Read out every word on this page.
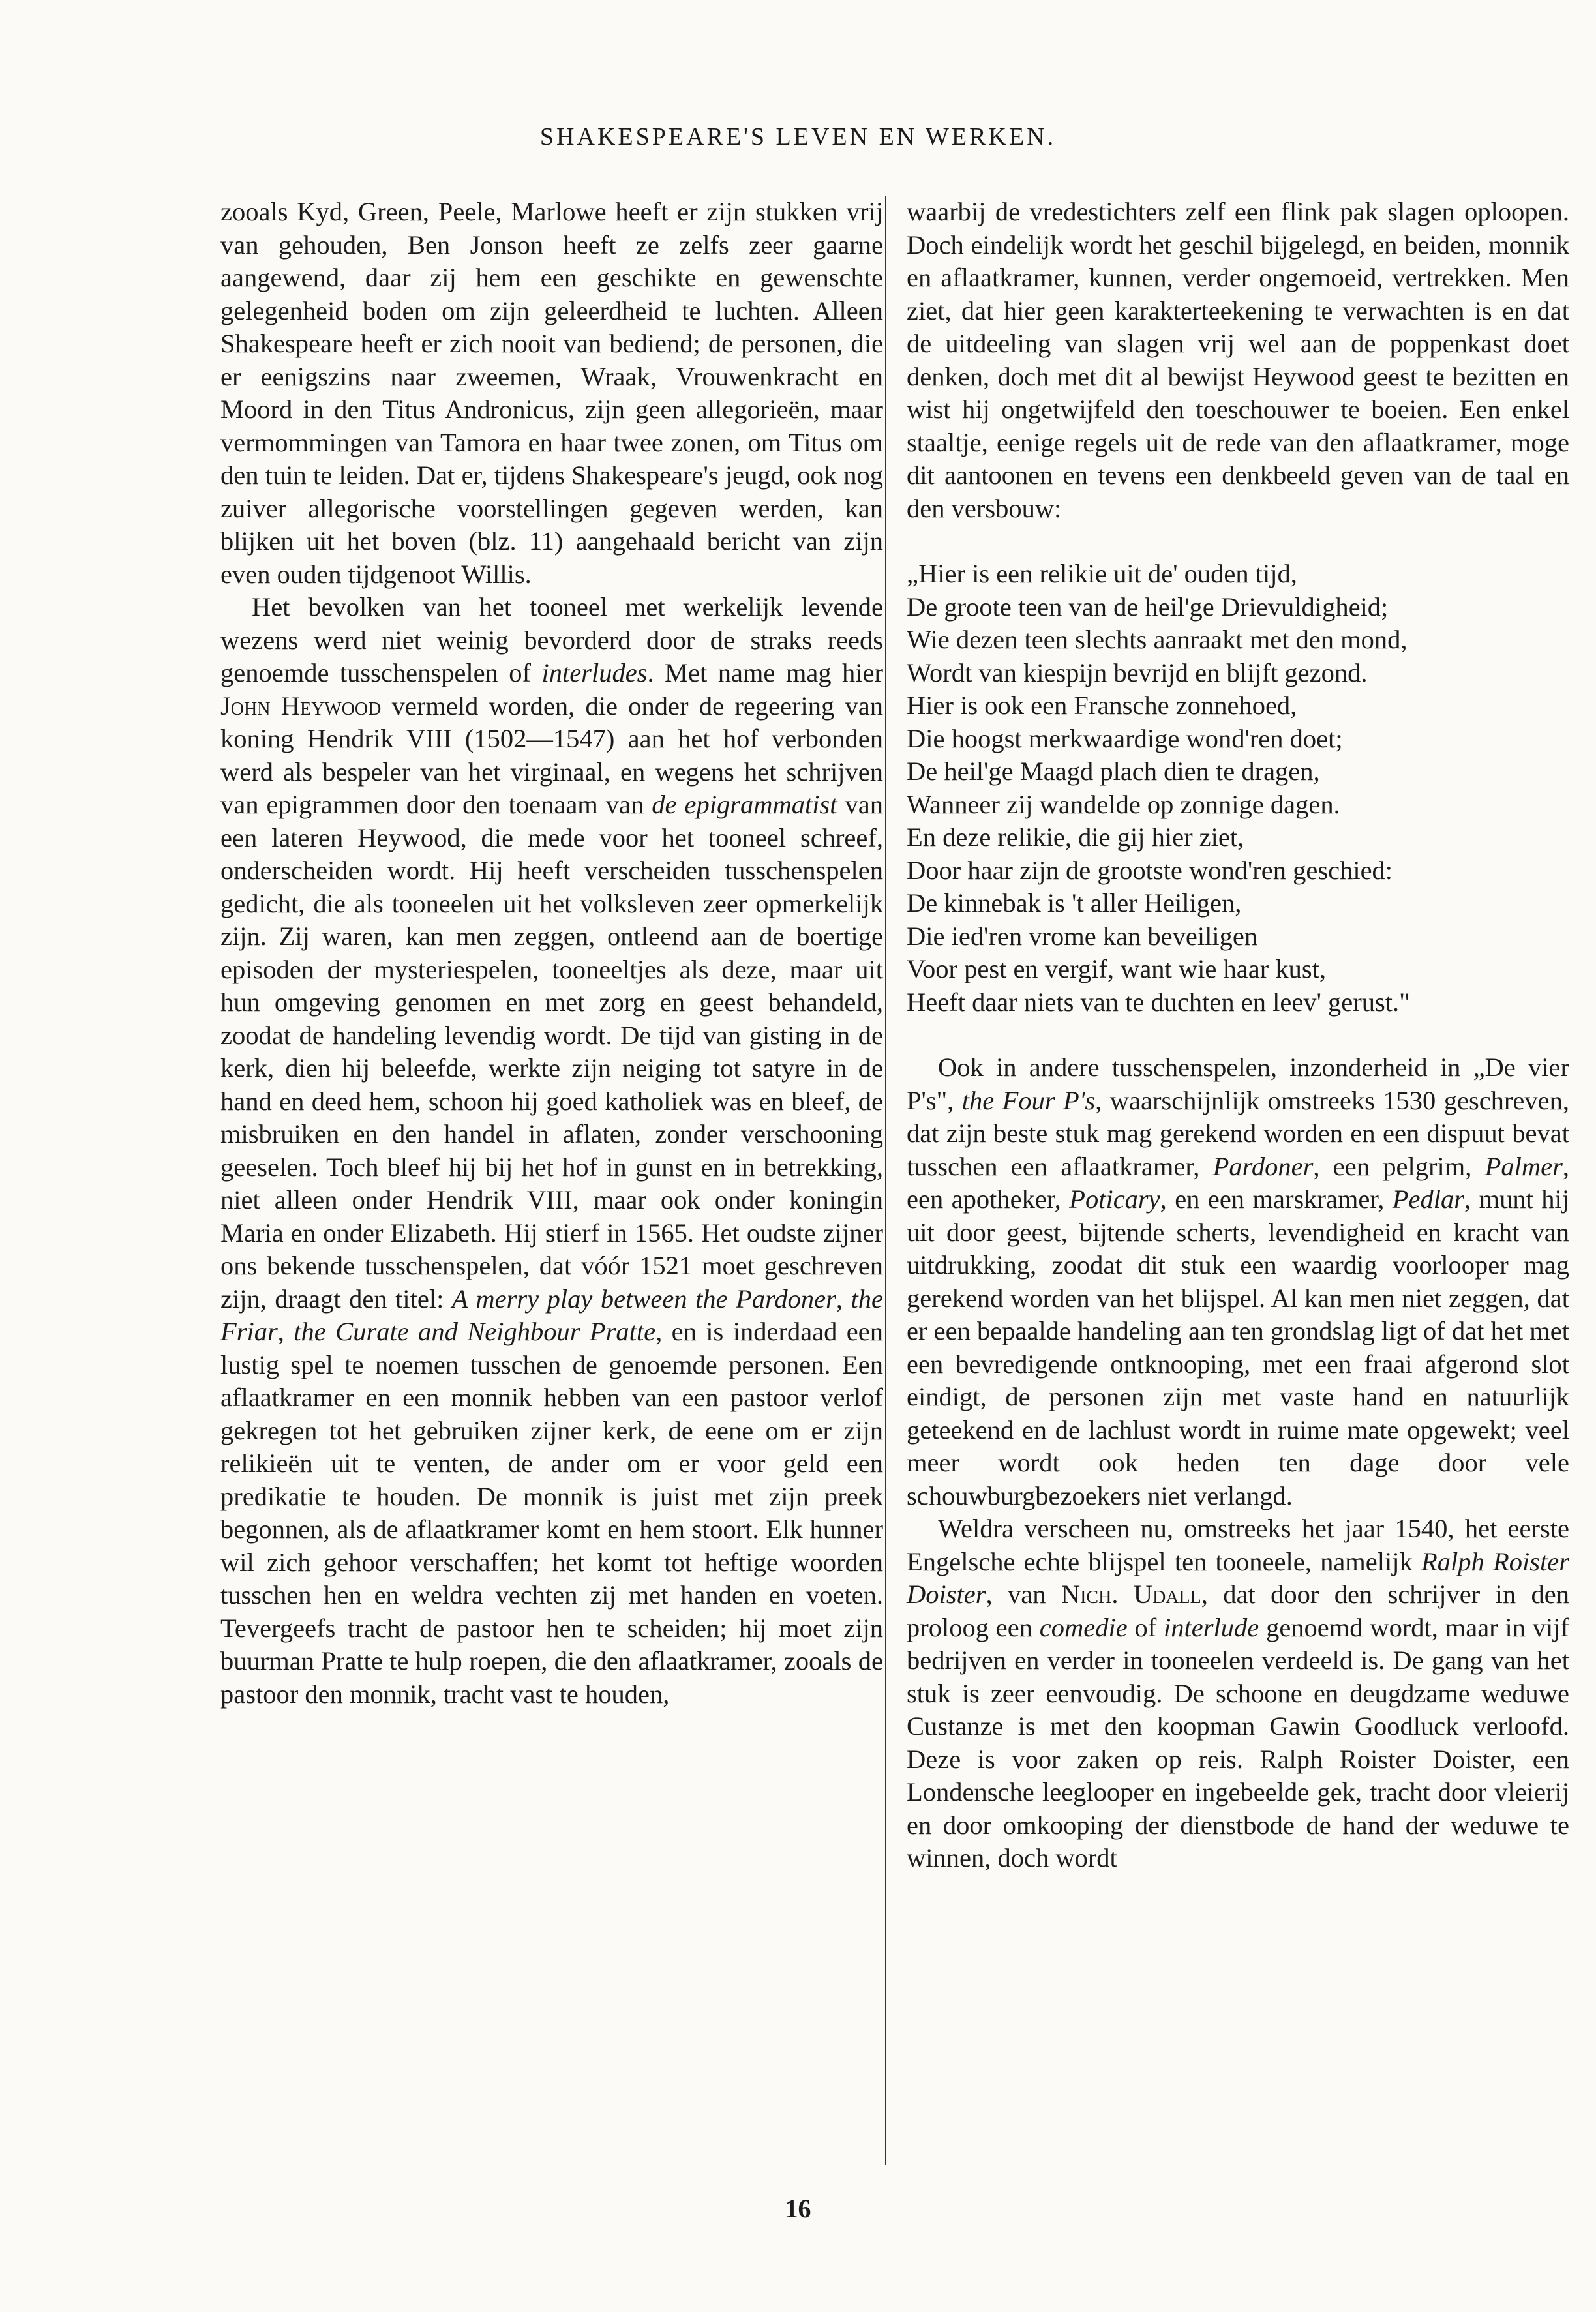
SHAKESPEARE'S LEVEN EN WERKEN.

zooals Kyd, Green, Peele, Marlowe heeft er zijn stukken vrij van gehouden, Ben Jonson heeft ze zelfs zeer gaarne aangewend, daar zij hem een geschikte en gewenschte gelegenheid boden om zijn geleerdheid te luchten. Alleen Shakespeare heeft er zich nooit van bediend; de personen, die er eenigszins naar zweemen, Wraak, Vrouwenkracht en Moord in den Titus Andronicus, zijn geen allegorieën, maar vermommingen van Tamora en haar twee zonen, om Titus om den tuin te leiden. Dat er, tijdens Shakespeare's jeugd, ook nog zuiver allegorische voorstellingen gegeven werden, kan blijken uit het boven (blz. 11) aangehaald bericht van zijn even ouden tijdgenoot Willis.

Het bevolken van het tooneel met werkelijk levende wezens werd niet weinig bevorderd door de straks reeds genoemde tusschenspelen of interludes. Met name mag hier John Heywood vermeld worden, die onder de regeering van koning Hendrik VIII (1502—1547) aan het hof verbonden werd als bespeler van het virginaal, en wegens het schrijven van epigrammen door den toenaam van de epigrammatist van een lateren Heywood, die mede voor het tooneel schreef, onderscheiden wordt. Hij heeft verscheiden tusschenspelen gedicht, die als tooneelen uit het volksleven zeer opmerkelijk zijn. Zij waren, kan men zeggen, ontleend aan de boertige episoden der mysteriespelen, tooneeltjes als deze, maar uit hun omgeving genomen en met zorg en geest behandeld, zoodat de handeling levendig wordt. De tijd van gisting in de kerk, dien hij beleefde, werkte zijn neiging tot satyre in de hand en deed hem, schoon hij goed katholiek was en bleef, de misbruiken en den handel in aflaten, zonder verschooning geeselen. Toch bleef hij bij het hof in gunst en in betrekking, niet alleen onder Hendrik VIII, maar ook onder koningin Maria en onder Elizabeth. Hij stierf in 1565. Het oudste zijner ons bekende tusschenspelen, dat vóór 1521 moet geschreven zijn, draagt den titel: A merry play between the Pardoner, the Friar, the Curate and Neighbour Pratte, en is inderdaad een lustig spel te noemen tusschen de genoemde personen. Een aflaatkramer en een monnik hebben van een pastoor verlof gekregen tot het gebruiken zijner kerk, de eene om er zijn relikieën uit te venten, de ander om er voor geld een predikatie te houden. De monnik is juist met zijn preek begonnen, als de aflaatkramer komt en hem stoort. Elk hunner wil zich gehoor verschaffen; het komt tot heftige woorden tusschen hen en weldra vechten zij met handen en voeten. Tevergeefs tracht de pastoor hen te scheiden; hij moet zijn buurman Pratte te hulp roepen, die den aflaatkramer, zooals de pastoor den monnik, tracht vast te houden,

waarbij de vredestichters zelf een flink pak slagen oploopen. Doch eindelijk wordt het geschil bijgelegd, en beiden, monnik en aflaatkramer, kunnen, verder ongemoeid, vertrekken. Men ziet, dat hier geen karakterteekening te verwachten is en dat de uitdeeling van slagen vrij wel aan de poppenkast doet denken, doch met dit al bewijst Heywood geest te bezitten en wist hij ongetwijfeld den toeschouwer te boeien. Een enkel staaltje, eenige regels uit de rede van den aflaatkramer, moge dit aantoonen en tevens een denkbeeld geven van de taal en den versbouw:

„Hier is een relikie uit de' ouden tijd,
De groote teen van de heil'ge Drievuldigheid;
Wie dezen teen slechts aanraakt met den mond,
Wordt van kiespijn bevrijd en blijft gezond.
Hier is ook een Fransche zonnehoed,
Die hoogst merkwaardige wond'ren doet;
De heil'ge Maagd plach dien te dragen,
Wanneer zij wandelde op zonnige dagen.
En deze relikie, die gij hier ziet,
Door haar zijn de grootste wond'ren geschied:
De kinnebak is 't aller Heiligen,
Die ied'ren vrome kan beveiligen
Voor pest en vergif, want wie haar kust,
Heeft daar niets van te duchten en leev' gerust."

Ook in andere tusschenspelen, inzonderheid in „De vier P's", the Four P's, waarschijnlijk omstreeks 1530 geschreven, dat zijn beste stuk mag gerekend worden en een dispuut bevat tusschen een aflaatkramer, Pardoner, een pelgrim, Palmer, een apotheker, Poticary, en een marskramer, Pedlar, munt hij uit door geest, bijtende scherts, levendigheid en kracht van uitdrukking, zoodat dit stuk een waardig voorlooper mag gerekend worden van het blijspel. Al kan men niet zeggen, dat er een bepaalde handeling aan ten grondslag ligt of dat het met een bevredigende ontknooping, met een fraai afgerond slot eindigt, de personen zijn met vaste hand en natuurlijk geteekend en de lachlust wordt in ruime mate opgewekt; veel meer wordt ook heden ten dage door vele schouwburgbezoekers niet verlangd.

Weldra verscheen nu, omstreeks het jaar 1540, het eerste Engelsche echte blijspel ten tooneele, namelijk Ralph Roister Doister, van Nich. Udall, dat door den schrijver in den proloog een comedie of interlude genoemd wordt, maar in vijf bedrijven en verder in tooneelen verdeeld is. De gang van het stuk is zeer eenvoudig. De schoone en deugdzame weduwe Custanze is met den koopman Gawin Goodluck verloofd. Deze is voor zaken op reis. Ralph Roister Doister, een Londensche leeglooper en ingebeelde gek, tracht door vleierij en door omkooping der dienstbode de hand der weduwe te winnen, doch wordt

16
